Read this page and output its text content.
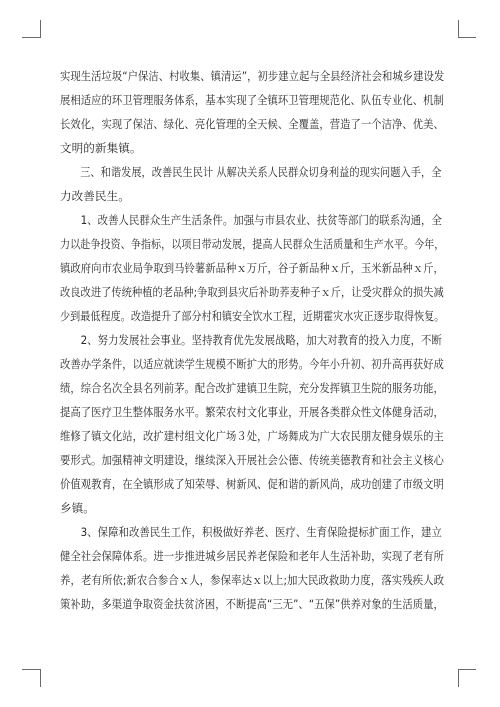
实现生活垃圾“户保洁、村收集、镇清运”，初步建立起与全县经济社会和城乡建设发
展相适应的环卫管理服务体系，基本实现了全镇环卫管理规范化、队伍专业化、机制
长效化，实现了保洁、绿化、亮化管理的全天候、全覆盖，营造了一个洁净、优美、
文明的新集镇。
三、和谐发展，改善民生民计 从解决关系人民群众切身利益的现实问题入手，全
力改善民生。
1、改善人民群众生产生活条件。加强与市县农业、扶贫等部门的联系沟通，全
力以赴争投资、争指标，以项目带动发展，提高人民群众生活质量和生产水平。今年，
镇政府向市农业局争取到马铃薯新品种ｘ万斤，谷子新品种ｘ斤，玉米新品种ｘ斤，
改良改进了传统种植的老品种;争取到县灾后补助荞麦种子ｘ斤，让受灾群众的损失减
少到最低程度。改造提升了部分村和镇安全饮水工程，近期霍灾水灾正逐步取得恢复。
2、努力发展社会事业。坚持教育优先发展战略，加大对教育的投入力度，不断
改善办学条件，以适应就读学生规模不断扩大的形势。今年小升初、初升高再获好成
绩，综合名次全县名列前茅。配合改扩建镇卫生院，充分发挥镇卫生院的服务功能，
提高了医疗卫生整体服务水平。繁荣农村文化事业，开展各类群众性文体健身活动，
维修了镇文化站，改扩建村组文化广场３处，广场舞成为广大农民朋友健身娱乐的主
要形式。加强精神文明建设，继续深入开展社会公德、传统美德教育和社会主义核心
价值观教育，在全镇形成了知荣辱、树新风、促和谐的新风尚，成功创建了市级文明
乡镇。
3、保障和改善民生工作，积极做好养老、医疗、生育保险提标扩面工作，建立
健全社会保障体系。进一步推进城乡居民养老保险和老年人生活补助，实现了老有所
养，老有所依;新农合参合ｘ人，参保率达ｘ以上;加大民政救助力度，落实残疾人政
策补助，多渠道争取资金扶贫济困，不断提高“三无”、“五保”供养对象的生活质量，
